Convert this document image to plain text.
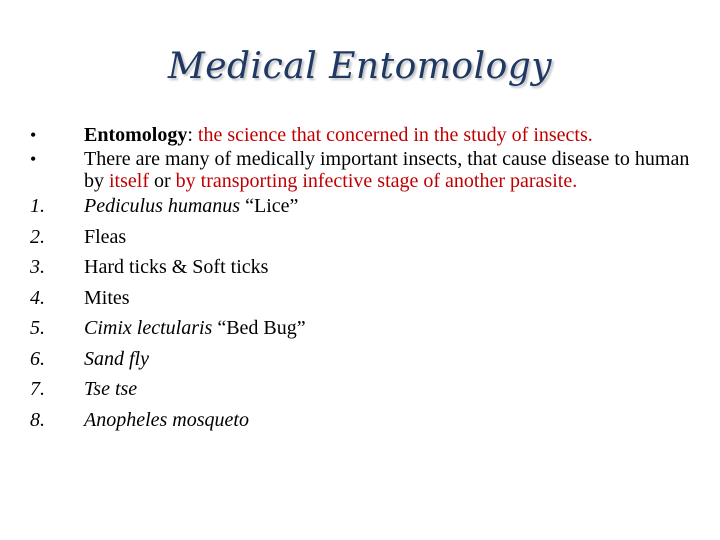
Medical Entomology
•	Entomology: the science that concerned in the study of insects.
•	There are many of medically important insects, that cause disease to human by itself or by transporting infective stage of another parasite.
1.	Pediculus humanus “Lice”
2.	Fleas
3.	Hard ticks & Soft ticks
4.	Mites
5.	Cimix lectularis “Bed Bug”
6.	Sand fly
7.	Tse tse
8.	Anopheles mosqueto
